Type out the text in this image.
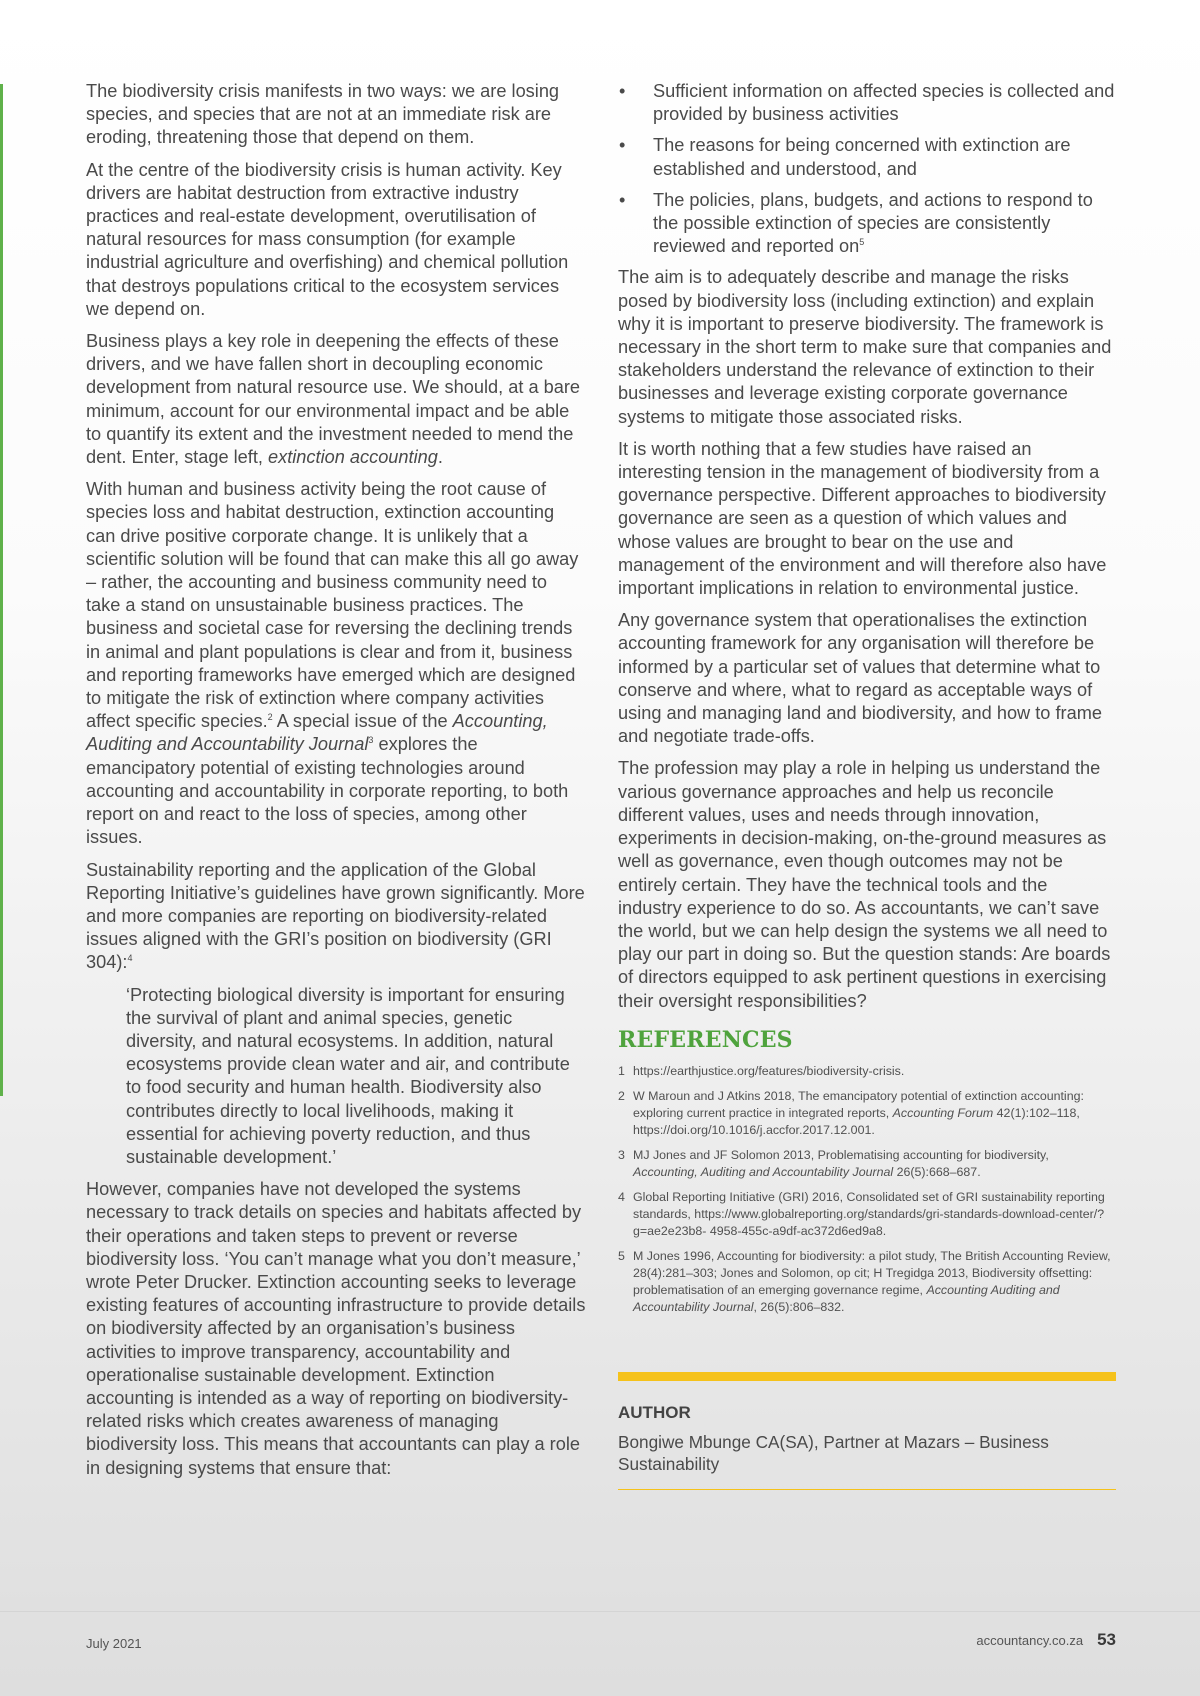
The biodiversity crisis manifests in two ways: we are losing species, and species that are not at an immediate risk are eroding, threatening those that depend on them.

At the centre of the biodiversity crisis is human activity. Key drivers are habitat destruction from extractive industry practices and real-estate development, overutilisation of natural resources for mass consumption (for example industrial agriculture and overfishing) and chemical pollution that destroys populations critical to the ecosystem services we depend on.

Business plays a key role in deepening the effects of these drivers, and we have fallen short in decoupling economic development from natural resource use. We should, at a bare minimum, account for our environmental impact and be able to quantify its extent and the investment needed to mend the dent. Enter, stage left, extinction accounting.

With human and business activity being the root cause of species loss and habitat destruction, extinction accounting can drive positive corporate change. It is unlikely that a scientific solution will be found that can make this all go away – rather, the accounting and business community need to take a stand on unsustainable business practices. The business and societal case for reversing the declining trends in animal and plant populations is clear and from it, business and reporting frameworks have emerged which are designed to mitigate the risk of extinction where company activities affect specific species.$^2$ A special issue of the Accounting, Auditing and Accountability Journal$^3$ explores the emancipatory potential of existing technologies around accounting and accountability in corporate reporting, to both report on and react to the loss of species, among other issues.

Sustainability reporting and the application of the Global Reporting Initiative’s guidelines have grown significantly. More and more companies are reporting on biodiversity-related issues aligned with the GRI’s position on biodiversity (GRI 304):$^4$

‘Protecting biological diversity is important for ensuring the survival of plant and animal species, genetic diversity, and natural ecosystems. In addition, natural ecosystems provide clean water and air, and contribute to food security and human health. Biodiversity also contributes directly to local livelihoods, making it essential for achieving poverty reduction, and thus sustainable development.’

However, companies have not developed the systems necessary to track details on species and habitats affected by their operations and taken steps to prevent or reverse biodiversity loss. ‘You can’t manage what you don’t measure,’ wrote Peter Drucker. Extinction accounting seeks to leverage existing features of accounting infrastructure to provide details on biodiversity affected by an organisation’s business activities to improve transparency, accountability and operationalise sustainable development. Extinction accounting is intended as a way of reporting on biodiversity-related risks which creates awareness of managing biodiversity loss. This means that accountants can play a role in designing systems that ensure that:

• Sufficient information on affected species is collected and provided by business activities
• The reasons for being concerned with extinction are established and understood, and
• The policies, plans, budgets, and actions to respond to the possible extinction of species are consistently reviewed and reported $on^5$

The aim is to adequately describe and manage the risks posed by biodiversity loss (including extinction) and explain why it is important to preserve biodiversity. The framework is necessary in the short term to make sure that companies and stakeholders understand the relevance of extinction to their businesses and leverage existing corporate governance systems to mitigate those associated risks.

It is worth nothing that a few studies have raised an interesting tension in the management of biodiversity from a governance perspective. Different approaches to biodiversity governance are seen as a question of which values and whose values are brought to bear on the use and management of the environment and will therefore also have important implications in relation to environmental justice.

Any governance system that operationalises the extinction accounting framework for any organisation will therefore be informed by a particular set of values that determine what to conserve and where, what to regard as acceptable ways of using and managing land and biodiversity, and how to frame and negotiate trade-offs.

The profession may play a role in helping us understand the various governance approaches and help us reconcile different values, uses and needs through innovation, experiments in decision-making, on-the-ground measures as well as governance, even though outcomes may not be entirely certain. They have the technical tools and the industry experience to do so. As accountants, we can’t save the world, but we can help design the systems we all need to play our part in doing so. But the question stands: Are boards of directors equipped to ask pertinent questions in exercising their oversight responsibilities?

REFERENCES
1 https://earthjustice.org/features/biodiversity-crisis.
2 W Maroun and J Atkins 2018, The emancipatory potential of extinction accounting: exploring current practice in integrated reports, Accounting Forum 42(1):102–118, https://doi.org/10.1016/j.accfor.2017.12.001.
3 MJ Jones and JF Solomon 2013, Problematising accounting for biodiversity, Accounting, Auditing and Accountability Journal 26(5):668–687.
4 Global Reporting Initiative (GRI) 2016, Consolidated set of GRI sustainability reporting standards, https://www.globalreporting.org/standards/gri-standards-download-center/?g=ae2e23b8- 4958-455c-a9df-ac372d6ed9a8.
5 M Jones 1996, Accounting for biodiversity: a pilot study, The British Accounting Review, 28(4):281–303; Jones and Solomon, op cit; H Tregidga 2013, Biodiversity offsetting: problematisation of an emerging governance regime, Accounting Auditing and Accountability Journal, 26(5):806–832.
AUTHOR

Bongiwe Mbunge CA(SA), Partner at Mazars – Business Sustainability

July 2021	accountancy.co.za 53
